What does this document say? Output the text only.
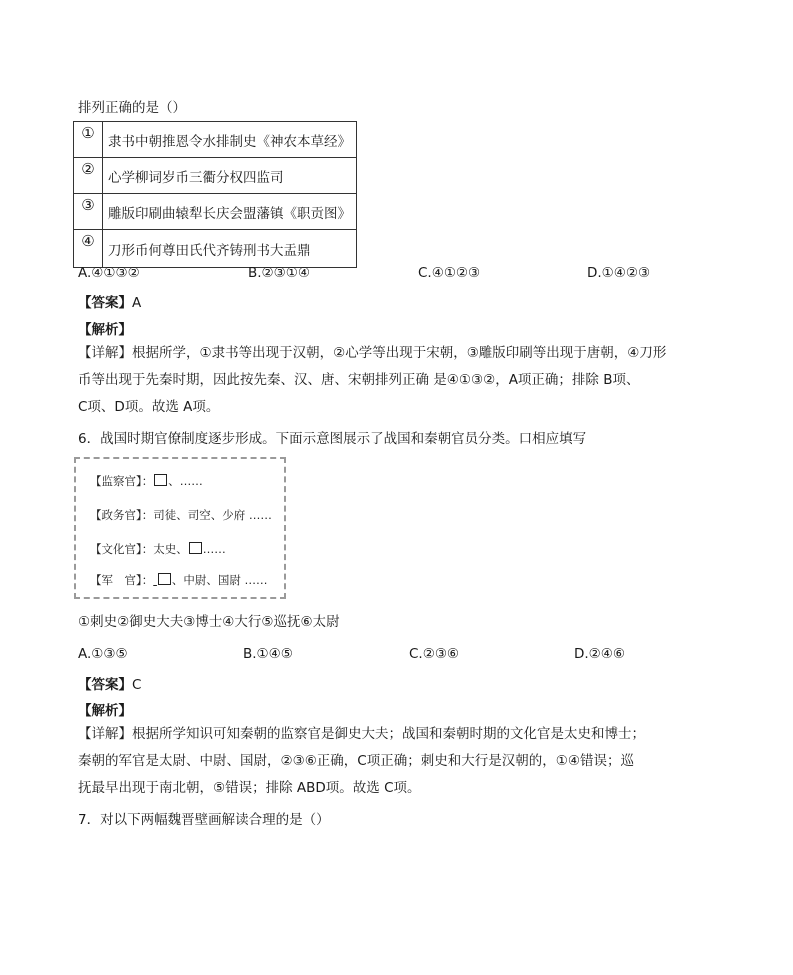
排列正确的是（）
①	隶书中朝推恩令水排制史《神农本草经》
②	心学柳词岁币三衢分权四监司
③	雕版印刷曲辕犁长庆会盟藩镇《职贡图》
④	刀形币何尊田氏代齐铸刑书大盂鼎
A.④①③②	B.②③①④	C.④①②③	D.①④②③
【答案】A
【解析】
【详解】根据所学，①隶书等出现于汉朝，②心学等出现于宋朝，③雕版印刷等出现于唐朝，④刀形
币等出现于先秦时期，因此按先秦、汉、唐、宋朝排列正确 是④①③②，A项正确；排除 B项、
C项、D项。故选 A项。
6．战国时期官僚制度逐步形成。下面示意图展示了战国和秦朝官员分类。口相应填写
【监察官】： 、……
【政务官】：司徒、司空、少府 ……
【文化官】：太史、 ……
【军　官】： 、中尉、国尉 ……
①刺史②御史大夫③博士④大行⑤巡抚⑥太尉
A.①③⑤	B.①④⑤	C.②③⑥	D.②④⑥
【答案】C
【解析】
【详解】根据所学知识可知秦朝的监察官是御史大夫；战国和秦朝时期的文化官是太史和博士；
秦朝的军官是太尉、中尉、国尉，②③⑥正确，C项正确；刺史和大行是汉朝的，①④错误；巡
抚最早出现于南北朝，⑤错误；排除 ABD项。故选 C项。
7．对以下两幅魏晋壁画解读合理的是（）
